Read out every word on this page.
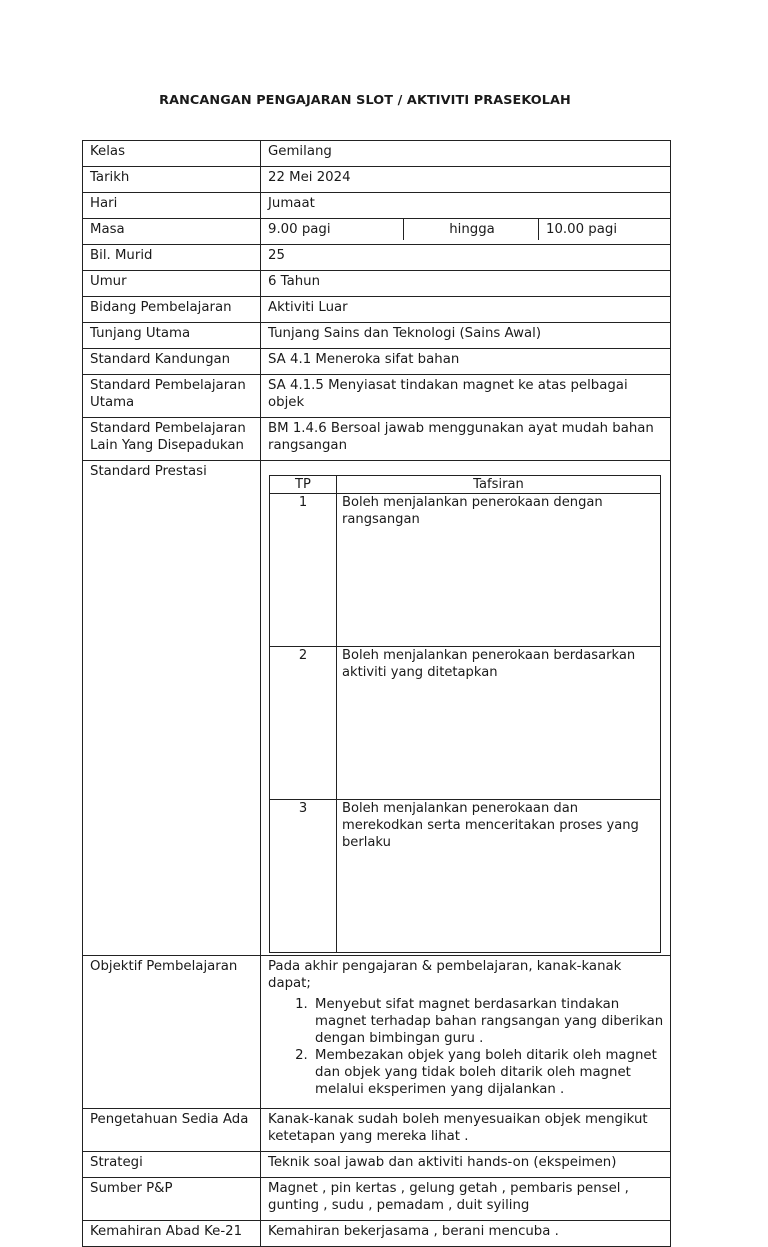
RANCANGAN PENGAJARAN SLOT / AKTIVITI PRASEKOLAH
Kelas	Gemilang
Tarikh	22 Mei 2024
Hari	Jumaat
Masa	9.00 pagi	hingga	10.00 pagi

Bil. Murid	25
Umur	6 Tahun
Bidang Pembelajaran	Aktiviti Luar
Tunjang Utama	Tunjang Sains dan Teknologi (Sains Awal)
Standard Kandungan	SA 4.1 Meneroka sifat bahan
Standard Pembelajaran Utama	SA 4.1.5 Menyiasat tindakan magnet ke atas pelbagai objek
Standard Pembelajaran Lain Yang Disepadukan	BM 1.4.6 Bersoal jawab menggunakan ayat mudah bahan rangsangan
Standard Prestasi	
TP	Tafsiran
1	Boleh menjalankan penerokaan dengan rangsangan
2	Boleh menjalankan penerokaan berdasarkan aktiviti yang ditetapkan
3	Boleh menjalankan penerokaan dan merekodkan serta menceritakan proses yang berlaku

Objektif Pembelajaran	Pada akhir pengajaran & pembelajaran, kanak-kanak dapat;
1. Menyebut sifat magnet berdasarkan tindakan magnet terhadap bahan rangsangan yang diberikan dengan bimbingan guru .
2. Membezakan objek yang boleh ditarik oleh magnet dan objek yang tidak boleh ditarik oleh magnet melalui eksperimen yang dijalankan .

Pengetahuan Sedia Ada	Kanak-kanak sudah boleh menyesuaikan objek mengikut ketetapan yang mereka lihat .
Strategi	Teknik soal jawab dan aktiviti hands-on (ekspeimen)
Sumber P&P	Magnet , pin kertas , gelung getah , pembaris pensel , gunting , sudu , pemadam , duit syiling
Kemahiran Abad Ke-21	Kemahiran bekerjasama , berani mencuba .
